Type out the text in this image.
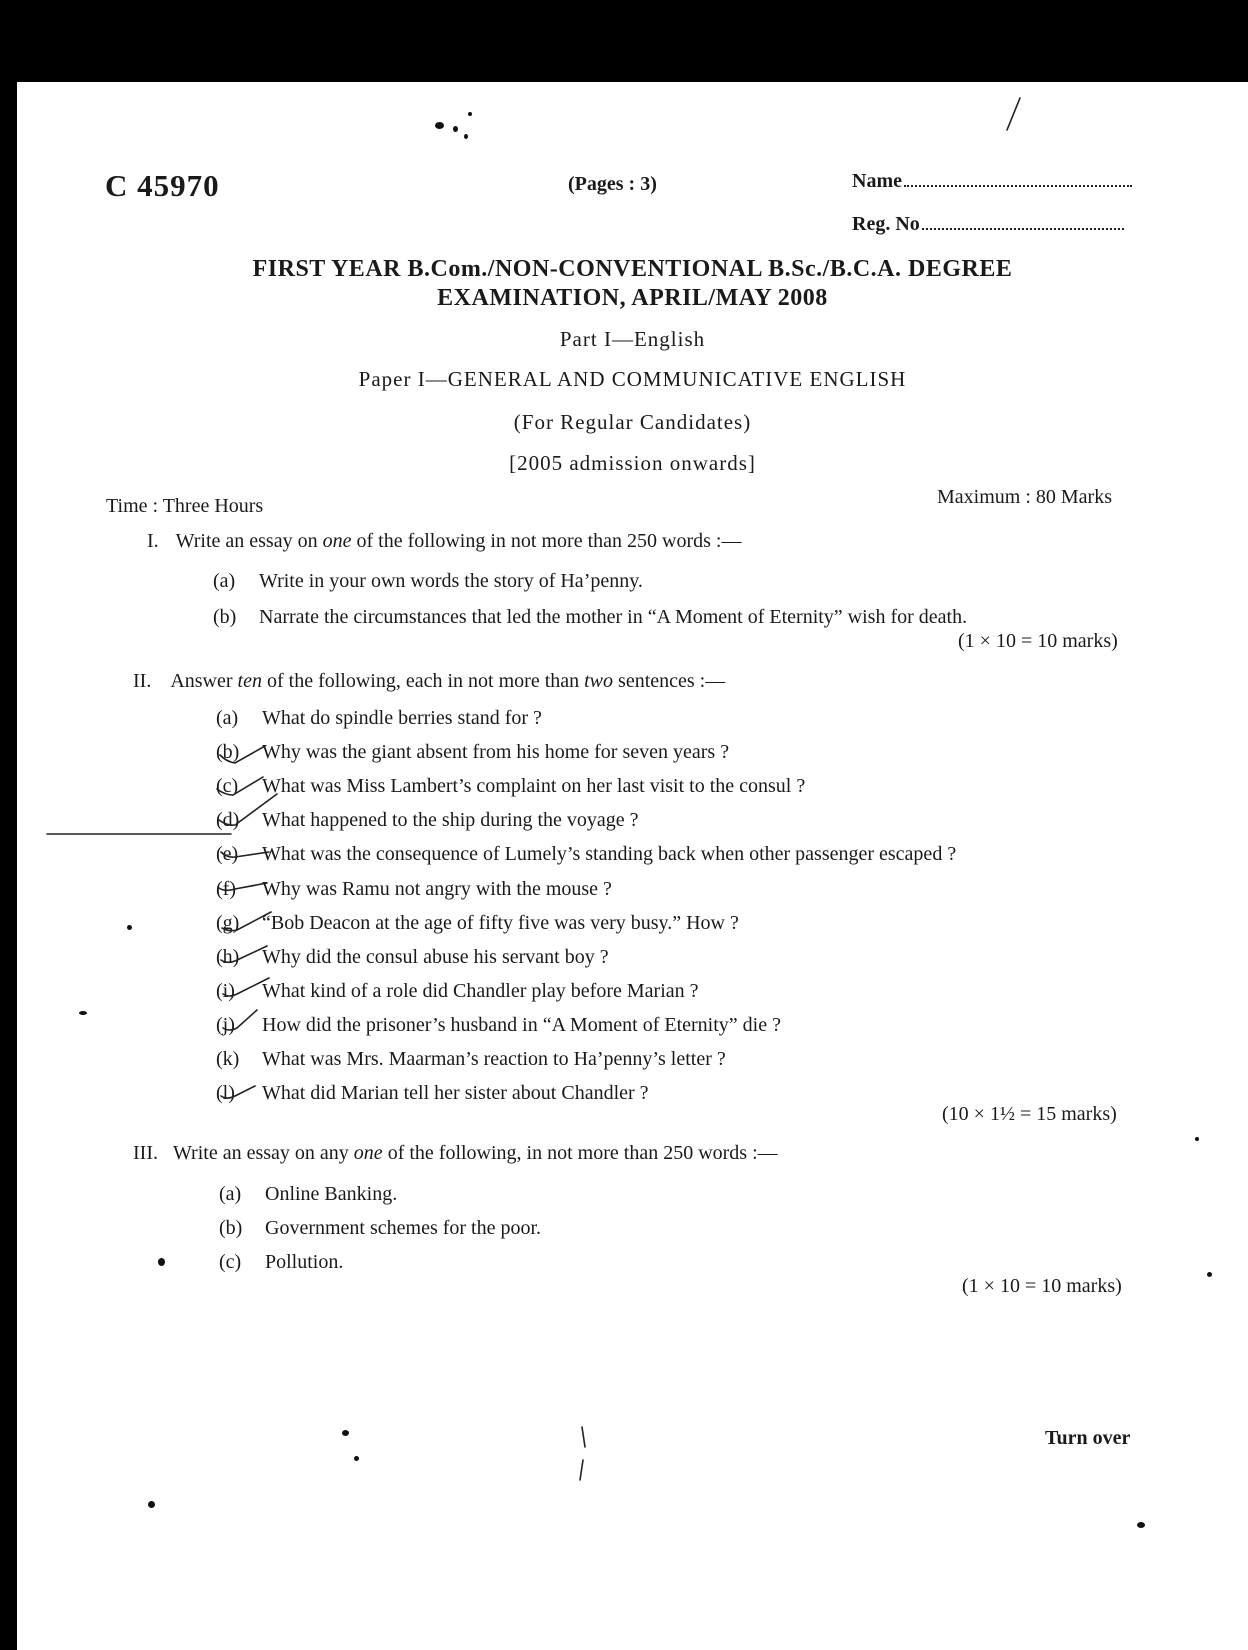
C 45970	(Pages : 3)	Name
Reg. No
FIRST YEAR B.Com./NON-CONVENTIONAL B.Sc./B.C.A. DEGREE
EXAMINATION, APRIL/MAY 2008
Part I—English
Paper I—GENERAL AND COMMUNICATIVE ENGLISH
(For Regular Candidates)
[2005 admission onwards]
Time : Three Hours	Maximum : 80 Marks
I. Write an essay on one of the following in not more than 250 words :—
(a) Write in your own words the story of Ha’penny.
(b) Narrate the circumstances that led the mother in “A Moment of Eternity” wish for death.
(1 × 10 = 10 marks)
II. Answer ten of the following, each in not more than two sentences :—
(a) What do spindle berries stand for ?
(b) Why was the giant absent from his home for seven years ?
(c) What was Miss Lambert’s complaint on her last visit to the consul ?
(d) What happened to the ship during the voyage ?
(e) What was the consequence of Lumely’s standing back when other passenger escaped ?
(f) Why was Ramu not angry with the mouse ?
(g) “Bob Deacon at the age of fifty five was very busy.” How ?
(h) Why did the consul abuse his servant boy ?
(i) What kind of a role did Chandler play before Marian ?
(j) How did the prisoner’s husband in “A Moment of Eternity” die ?
(k) What was Mrs. Maarman’s reaction to Ha’penny’s letter ?
(l) What did Marian tell her sister about Chandler ?
(10 × 1½ = 15 marks)
III. Write an essay on any one of the following, in not more than 250 words :—
(a) Online Banking.
(b) Government schemes for the poor.
(c) Pollution.
(1 × 10 = 10 marks)
Turn over
